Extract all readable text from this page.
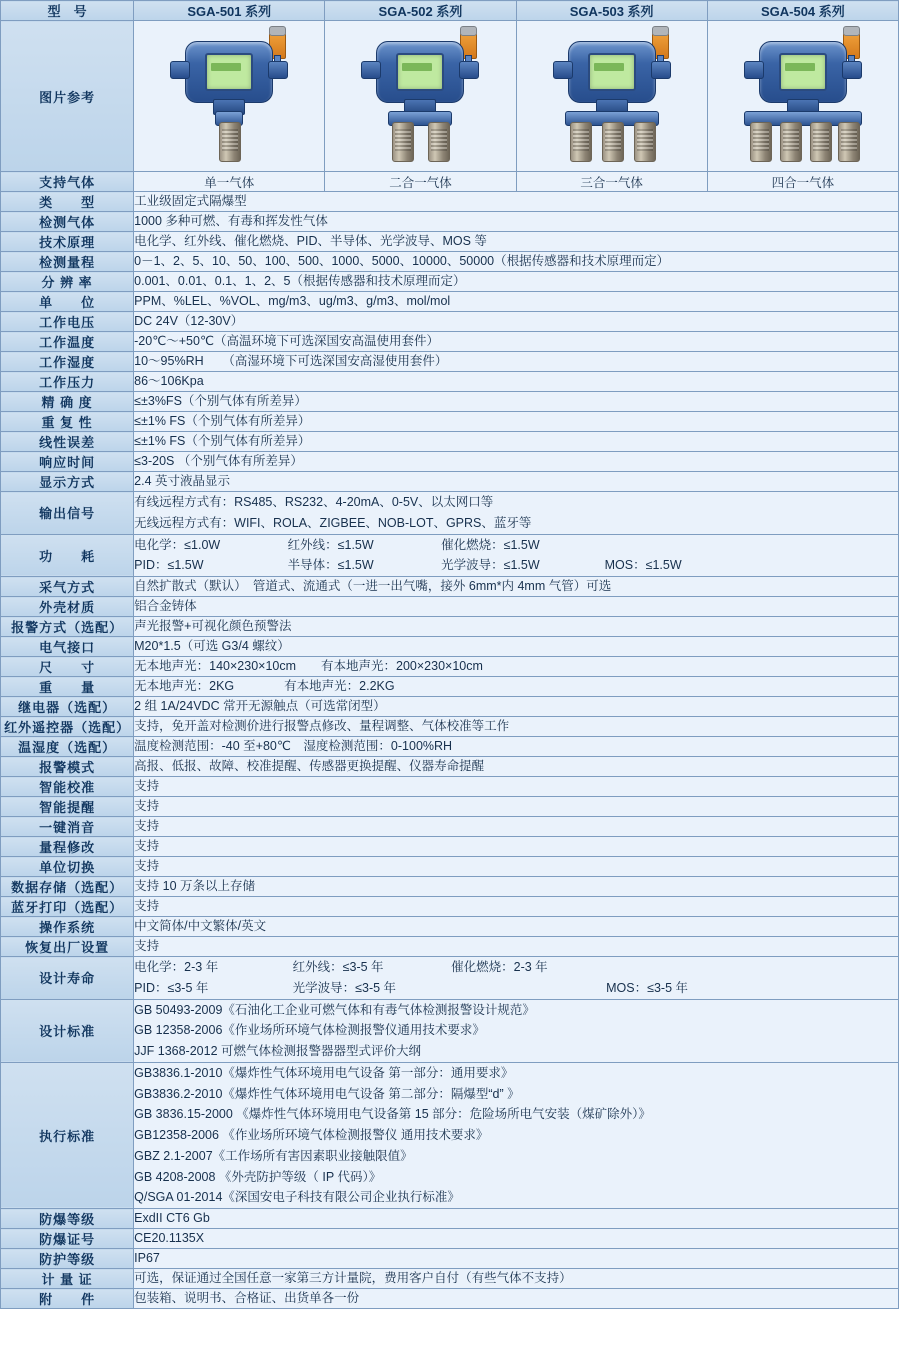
型　号	SGA-501 系列	SGA-502 系列	SGA-503 系列	SGA-504 系列
图片参考	

支持气体	单一气体	二合一气体	三合一气体	四合一气体
类　　型	工业级固定式隔爆型			
检测气体	1000 多种可燃、有毒和挥发性气体			
技术原理	电化学、红外线、催化燃烧、PID、半导体、光学波导、MOS 等			
检测量程	0－1、2、5、10、50、100、500、1000、5000、10000、50000（根据传感器和技术原理而定）			
分 辨 率	0.001、0.01、0.1、1、2、5（根据传感器和技术原理而定）			
单　　位	PPM、%LEL、%VOL、mg/m3、ug/m3、g/m3、mol/mol			
工作电压	DC 24V（12-30V）			
工作温度	-20℃～+50℃（高温环境下可选深国安高温使用套件）			
工作湿度	10～95%RH　　（高湿环境下可选深国安高湿使用套件）			
工作压力	86～106Kpa			
精 确 度	≤±3%FS（个别气体有所差异）			
重 复 性	≤±1% FS（个别气体有所差异）			
线性误差	≤±1% FS（个别气体有所差异）			
响应时间	≤3-20S （个别气体有所差异）			
显示方式	2.4 英寸液晶显示			
输出信号	有线远程方式有：RS485、RS232、4-20mA、0-5V、以太网口等
无线远程方式有：WIFI、ROLA、ZIGBEE、NOB-LOT、GPRS、蓝牙等			

功　　耗	电化学：≤1.0W 红外线：≤1.5W 催化燃烧：≤1.5W
PID：≤1.5W 半导体：≤1.5W 光学波导：≤1.5W MOS：≤1.5W			

采气方式	自然扩散式（默认）　管道式、流通式（一进一出气嘴，接外 6mm*内 4mm 气管）可选			
外壳材质	铝合金铸体			
报警方式（选配）	声光报警+可视化颜色预警法			
电气接口	M20*1.5（可选 G3/4 螺纹）			
尺　　寸	无本地声光：140×230×10cm　　有本地声光：200×230×10cm			
重　　量	无本地声光：2KG　　　　有本地声光：2.2KG			
继电器（选配）	2 组 1A/24VDC 常开无源触点（可选常闭型）			
红外遥控器（选配）	支持，免开盖对检测价进行报警点修改、量程调整、气体校准等工作			
温湿度（选配）	温度检测范围：-40 至+80℃　湿度检测范围：0-100%RH			
报警模式	高报、低报、故障、校准提醒、传感器更换提醒、仪器寿命提醒			
智能校准	支持			
智能提醒	支持			
一键消音	支持			
量程修改	支持			
单位切换	支持			
数据存储（选配）	支持 10 万条以上存储			
蓝牙打印（选配）	支持			
操作系统	中文简体/中文繁体/英文			
恢复出厂设置	支持			
设计寿命	电化学：2-3 年 红外线：≤3-5 年 催化燃烧：2-3 年
PID：≤3-5 年 光学波导：≤3-5 年 MOS：≤3-5 年			

设计标准	GB 50493-2009《石油化工企业可燃气体和有毒气体检测报警设计规范》
GB 12358-2006《作业场所环境气体检测报警仪通用技术要求》
JJF 1368-2012 可燃气体检测报警器器型式评价大纲			

执行标准	
GB3836.1-2010《爆炸性气体环境用电气设备 第一部分：通用要求》
GB3836.2-2010《爆炸性气体环境用电气设备 第二部分：隔爆型“d” 》
GB 3836.15-2000 《爆炸性气体环境用电气设备第 15 部分：危险场所电气安装（煤矿除外）》
GB12358-2006 《作业场所环境气体检测报警仪 通用技术要求》
GBZ 2.1-2007《工作场所有害因素职业接触限值》
GB 4208-2008 《外壳防护等级（ IP 代码）》
Q/SGA 01-2014《深国安电子科技有限公司企业执行标准》

防爆等级	ExdII CT6 Gb			
防爆证号	CE20.1135X			
防护等级	IP67			
计 量 证	可选，保证通过全国任意一家第三方计量院，费用客户自付（有些气体不支持）			
附　　件	包装箱、说明书、合格证、出货单各一份			
